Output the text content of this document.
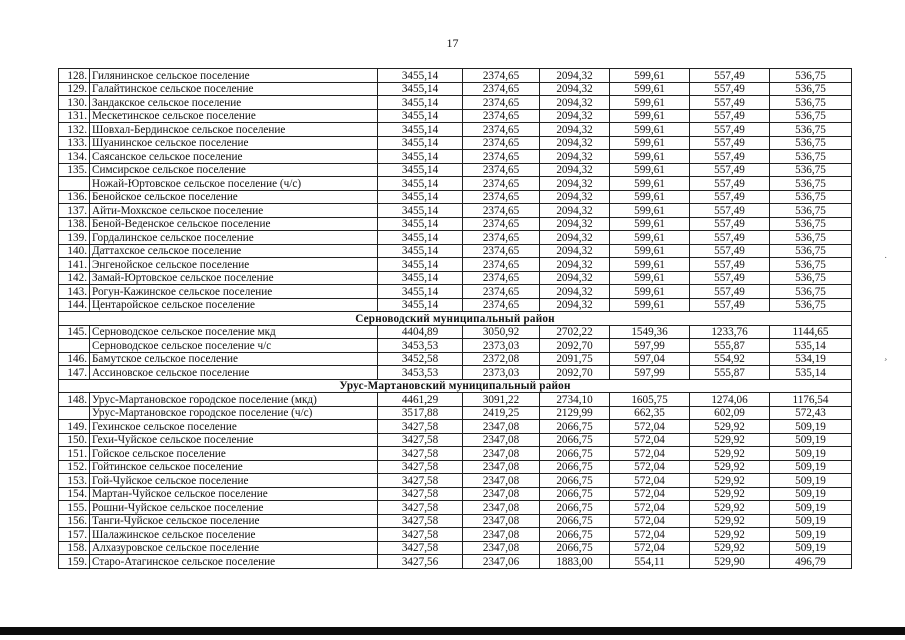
17
128.	Гилянинское сельское поселение	3455,14	2374,65	2094,32	599,61	557,49	536,75
129.	Галайтинское сельское поселение	3455,14	2374,65	2094,32	599,61	557,49	536,75
130.	Зандакское сельское поселение	3455,14	2374,65	2094,32	599,61	557,49	536,75
131.	Мескетинское сельское поселение	3455,14	2374,65	2094,32	599,61	557,49	536,75
132.	Шовхал-Бердинское сельское поселение	3455,14	2374,65	2094,32	599,61	557,49	536,75
133.	Шуанинское сельское поселение	3455,14	2374,65	2094,32	599,61	557,49	536,75
134.	Саясанское сельское поселение	3455,14	2374,65	2094,32	599,61	557,49	536,75
135.	Симсирское сельское поселение	3455,14	2374,65	2094,32	599,61	557,49	536,75
	Ножай-Юртовское сельское поселение (ч/с)	3455,14	2374,65	2094,32	599,61	557,49	536,75
136.	Бенойское сельское поселение	3455,14	2374,65	2094,32	599,61	557,49	536,75
137.	Айти-Мохкское сельское поселение	3455,14	2374,65	2094,32	599,61	557,49	536,75
138.	Беной-Веденское сельское поселение	3455,14	2374,65	2094,32	599,61	557,49	536,75
139.	Гордалинское сельское поселение	3455,14	2374,65	2094,32	599,61	557,49	536,75
140.	Даттахское сельское поселение	3455,14	2374,65	2094,32	599,61	557,49	536,75
141.	Энгенойское сельское поселение	3455,14	2374,65	2094,32	599,61	557,49	536,75
142.	Замай-Юртовское сельское поселение	3455,14	2374,65	2094,32	599,61	557,49	536,75
143.	Рогун-Кажинское сельское поселение	3455,14	2374,65	2094,32	599,61	557,49	536,75
144.	Центаройское сельское поселение	3455,14	2374,65	2094,32	599,61	557,49	536,75
Серноводский муниципальный район							
145.	Серноводское сельское поселение мкд	4404,89	3050,92	2702,22	1549,36	1233,76	1144,65
	Серноводское сельское поселение ч/с	3453,53	2373,03	2092,70	597,99	555,87	535,14
146.	Бамутское сельское поселение	3452,58	2372,08	2091,75	597,04	554,92	534,19
147.	Ассиновское сельское поселение	3453,53	2373,03	2092,70	597,99	555,87	535,14
Урус-Мартановский муниципальный район							
148.	Урус-Мартановское городское поселение (мкд)	4461,29	3091,22	2734,10	1605,75	1274,06	1176,54
	Урус-Мартановское городское поселение (ч/с)	3517,88	2419,25	2129,99	662,35	602,09	572,43
149.	Гехинское сельское поселение	3427,58	2347,08	2066,75	572,04	529,92	509,19
150.	Гехи-Чуйское сельское поселение	3427,58	2347,08	2066,75	572,04	529,92	509,19
151.	Гойское сельское поселение	3427,58	2347,08	2066,75	572,04	529,92	509,19
152.	Гойтинское сельское поселение	3427,58	2347,08	2066,75	572,04	529,92	509,19
153.	Гой-Чуйское сельское поселение	3427,58	2347,08	2066,75	572,04	529,92	509,19
154.	Мартан-Чуйское сельское поселение	3427,58	2347,08	2066,75	572,04	529,92	509,19
155.	Рошни-Чуйское сельское поселение	3427,58	2347,08	2066,75	572,04	529,92	509,19
156.	Танги-Чуйское сельское поселение	3427,58	2347,08	2066,75	572,04	529,92	509,19
157.	Шалажинское сельское поселение	3427,58	2347,08	2066,75	572,04	529,92	509,19
158.	Алхазуровское сельское поселение	3427,58	2347,08	2066,75	572,04	529,92	509,19
159.	Старо-Атагинское сельское поселение	3427,56	2347,06	1883,00	554,11	529,90	496,79
˙
¸
